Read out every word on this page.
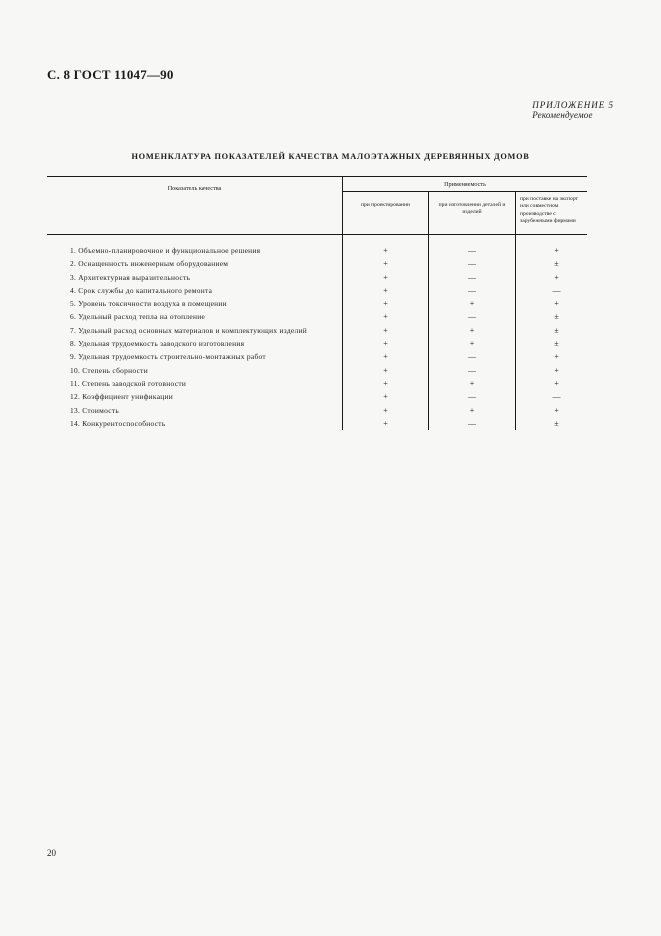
С. 8 ГОСТ 11047—90
ПРИЛОЖЕНИЕ 5
Рекомендуемое
НОМЕНКЛАТУРА ПОКАЗАТЕЛЕЙ КАЧЕСТВА МАЛОЭТАЖНЫХ ДЕРЕВЯННЫХ ДОМОВ
Показатель качества	Применяемость		
	при проектировании	при изготовлении деталей и изделий	при поставке на экспорт или совместном производстве с зарубежными фирмами

1. Объемно-планировочное и функциональное решения	+	—	+
2. Оснащенность инженерным оборудованием	+	—	±
3. Архитектурная выразительность	+	—	+
4. Срок службы до капитального ремонта	+	—	—
5. Уровень токсичности воздуха в помещении	+	+	+
6. Удельный расход тепла на отопление	+	—	±
7. Удельный расход основных материалов и комплектующих изделий	+	+	±
8. Удельная трудоемкость заводского изготовления	+	+	±
9. Удельная трудоемкость строительно-монтажных работ	+	—	+
10. Степень сборности	+	—	+
11. Степень заводской готовности	+	+	+
12. Коэффициент унификации	+	—	—
13. Стоимость	+	+	+
14. Конкурентоспособность	+	—	±
20
